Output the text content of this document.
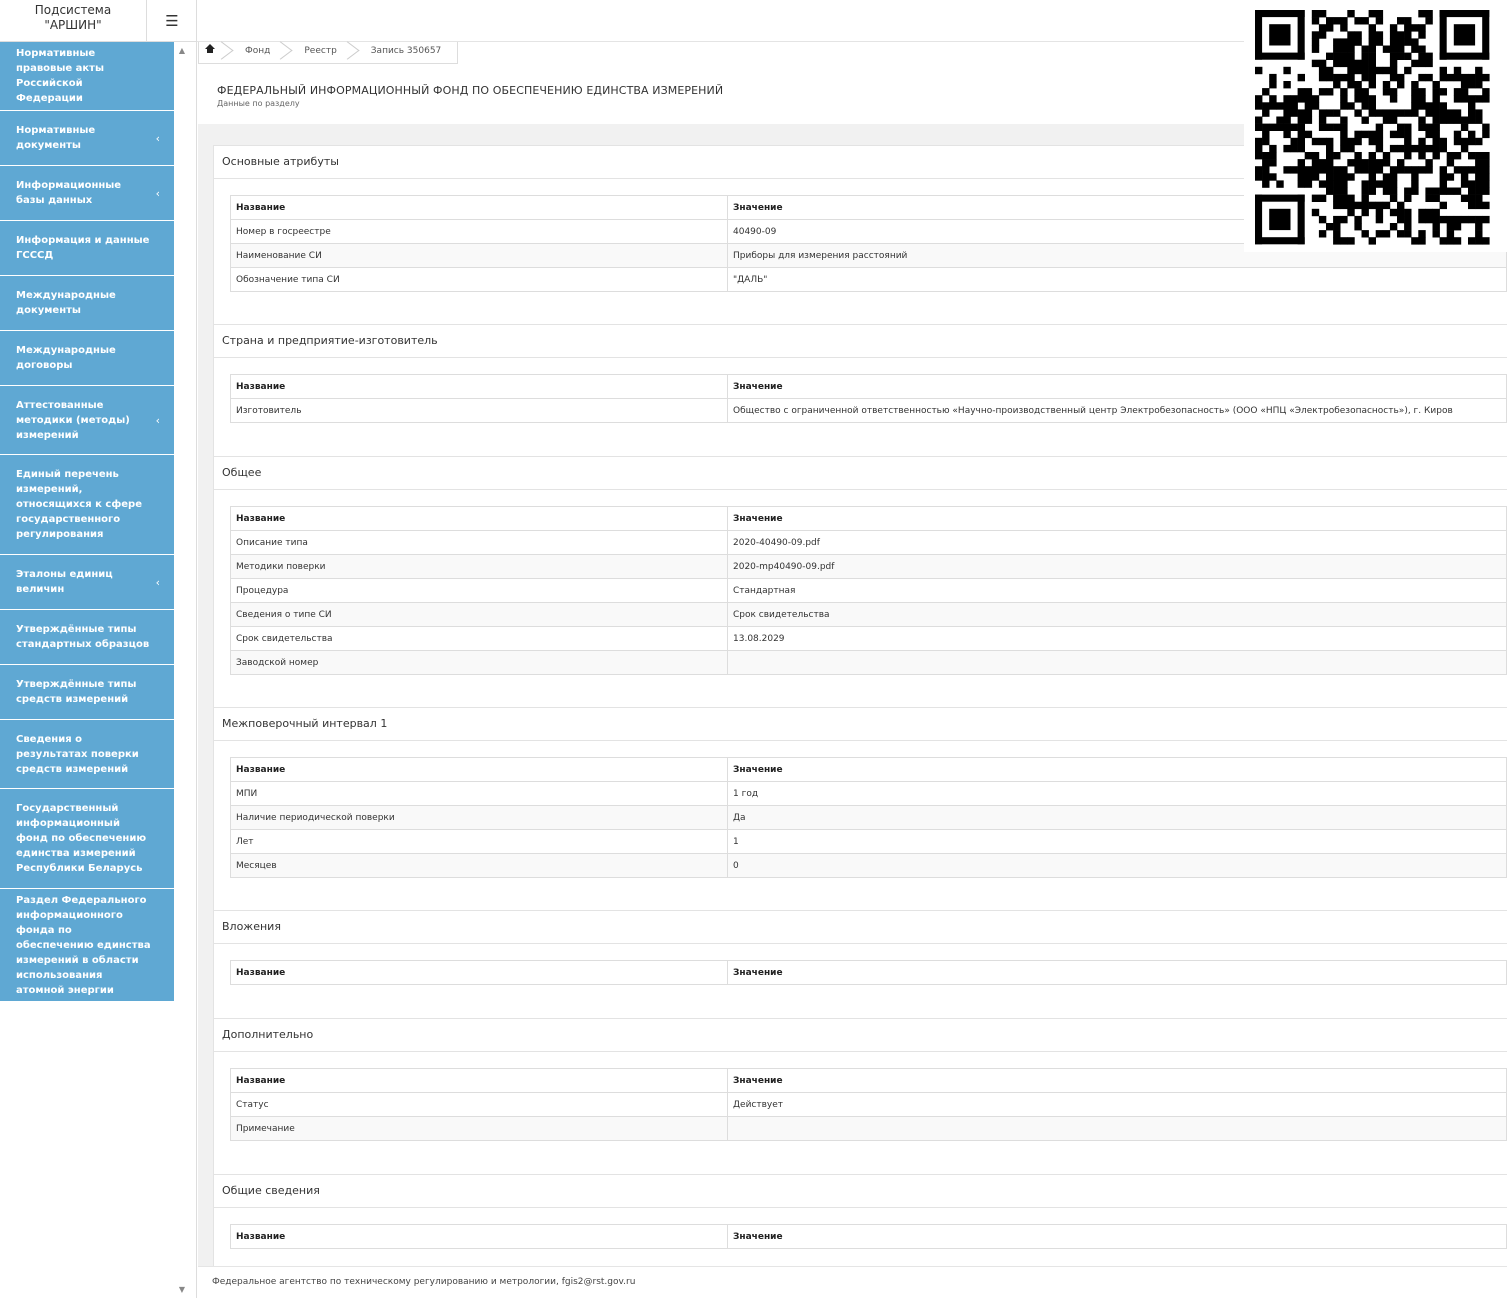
Подсистема
"АРШИН"	☰
Нормативные правовые акты Российской Федерации
Нормативные документы
‹
Информационные базы данных
‹
Информация и данные ГСССД
Международные документы
Международные договоры
Аттестованные методики (методы) измерений
‹
Единый перечень измерений, относящихся к сфере государственного регулирования
Эталоны единиц величин
‹
Утверждённые типы стандартных образцов
Утверждённые типы средств измерений
Сведения о результатах поверки средств измерений
Государственный информационный фонд по обеспечению единства измерений Республики Беларусь
Раздел Федерального информационного фонда по обеспечению единства измерений в области использования атомной энергии
▲
▼
Фонд	Реестр	Запись 350657
ФЕДЕРАЛЬНЫЙ ИНФОРМАЦИОННЫЙ ФОНД ПО ОБЕСПЕЧЕНИЮ ЕДИНСТВА ИЗМЕРЕНИЙ
Данные по разделу
Основные атрибуты
Название	Значение
Номер в госреестре	40490-09
Наименование СИ	Приборы для измерения расстояний
Обозначение типа СИ	"ДАЛЬ"
Страна и предприятие-изготовитель
Название	Значение
Изготовитель	Общество с ограниченной ответственностью «Научно-производственный центр Электробезопасность» (ООО «НПЦ «Электробезопасность»), г. Киров
Общее
Название	Значение
Описание типа	2020-40490-09.pdf
Методики поверки	2020-mp40490-09.pdf
Процедура	Стандартная
Сведения о типе СИ	Срок свидетельства
Срок свидетельства	13.08.2029
Заводской номер	
Межповерочный интервал 1
Название	Значение
МПИ	1 год
Наличие периодической поверки	Да
Лет	1
Месяцев	0
Вложения
Название	Значение
Дополнительно
Название	Значение
Статус	Действует
Примечание	
Общие сведения
Название	Значение
Федеральное агентство по техническому регулированию и метрологии, fgis2@rst.gov.ru
